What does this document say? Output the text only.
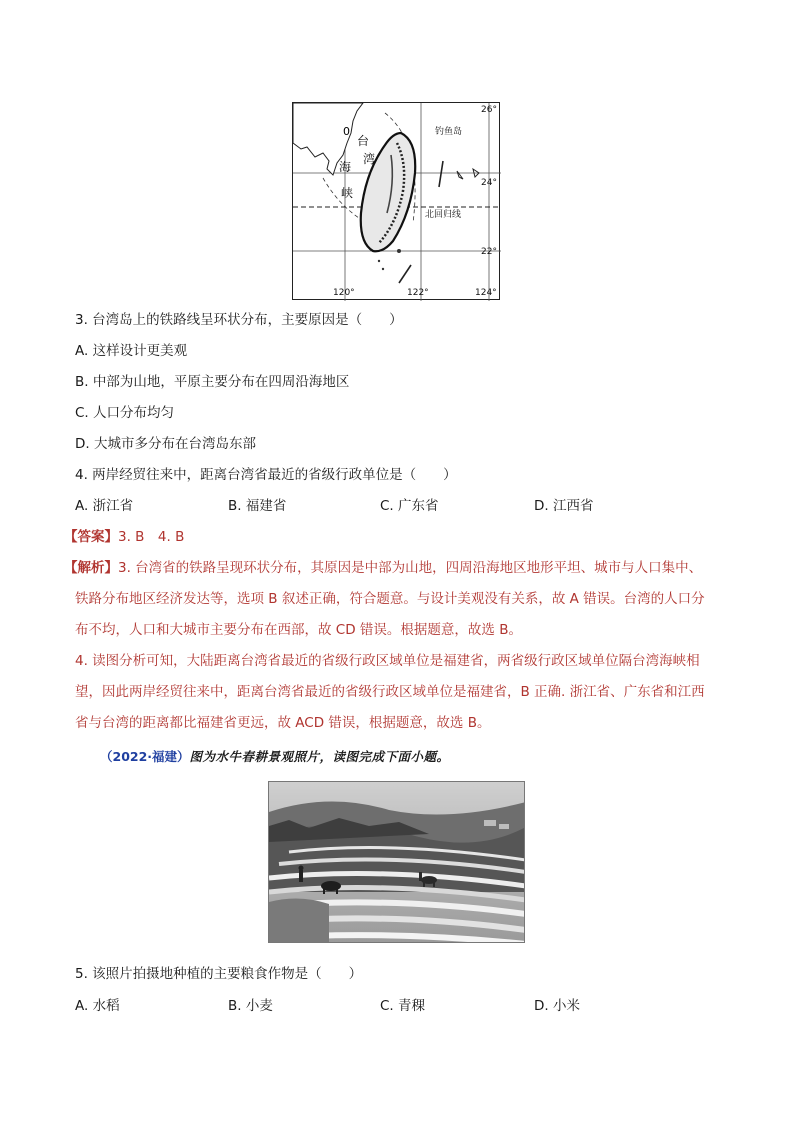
0
26°
24°
22°
120°	122°	124°
台
湾
海
峡
钓鱼岛
北回归线
3. 台湾岛上的铁路线呈环状分布，主要原因是（　　）
A. 这样设计更美观
B. 中部为山地，平原主要分布在四周沿海地区
C. 人口分布均匀
D. 大城市多分布在台湾岛东部
4. 两岸经贸往来中，距离台湾省最近的省级行政单位是（　　）
A. 浙江省	B. 福建省	C. 广东省	D. 江西省
【答案】3. B　4. B
【解析】3. 台湾省的铁路呈现环状分布，其原因是中部为山地，四周沿海地区地形平坦、城市与人口集中、
铁路分布地区经济发达等，选项 B 叙述正确，符合题意。与设计美观没有关系，故 A 错误。台湾的人口分
布不均，人口和大城市主要分布在西部，故 CD 错误。根据题意，故选 B。
4. 读图分析可知，大陆距离台湾省最近的省级行政区域单位是福建省，两省级行政区域单位隔台湾海峡相
望，因此两岸经贸往来中，距离台湾省最近的省级行政区域单位是福建省，B 正确. 浙江省、广东省和江西
省与台湾的距离都比福建省更远，故 ACD 错误，根据题意，故选 B。
（2022·福建）图为水牛春耕景观照片，读图完成下面小题。
5. 该照片拍摄地种植的主要粮食作物是（　　）
A. 水稻	B. 小麦	C. 青稞	D. 小米
